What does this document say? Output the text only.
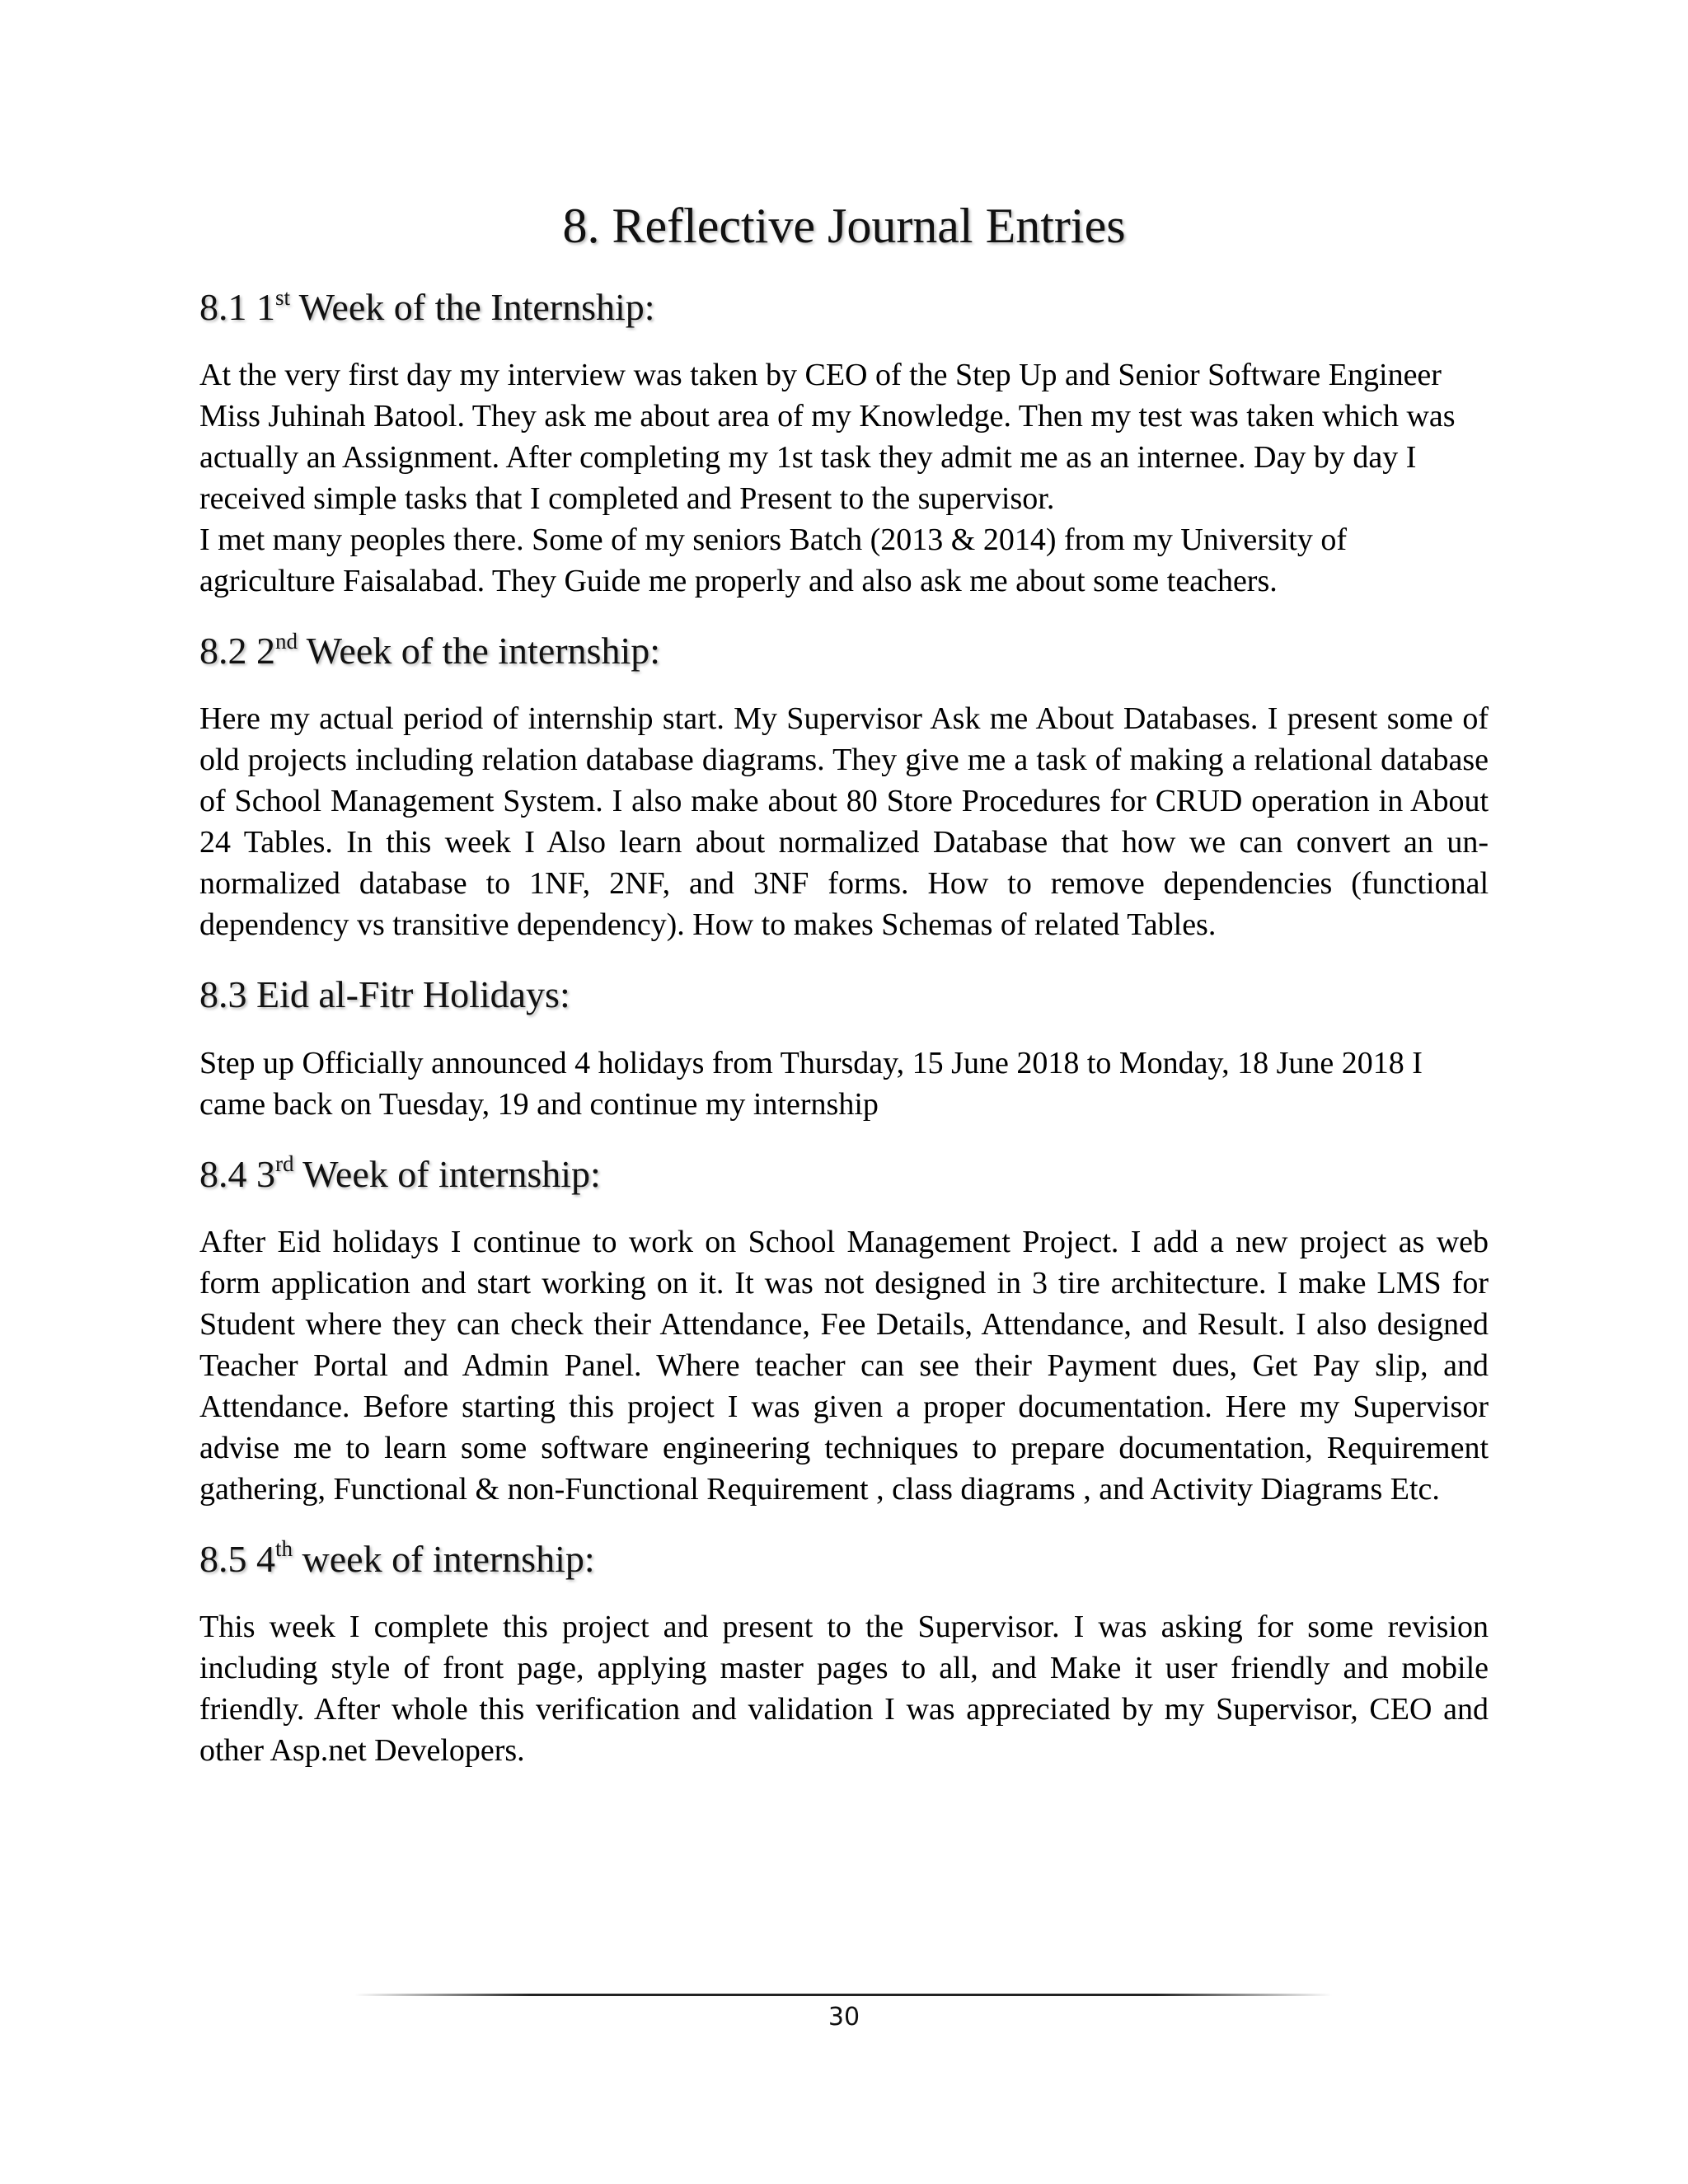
8. Reflective Journal Entries
8.1 1st Week of the Internship:

At the very first day my interview was taken by CEO of the Step Up and Senior Software Engineer Miss Juhinah Batool. They ask me about area of my Knowledge. Then my test was taken which was actually an Assignment. After completing my 1st task they admit me as an internee. Day by day I received simple tasks that I completed and Present to the supervisor.

I met many peoples there. Some of my seniors Batch (2013 & 2014) from my University of agriculture Faisalabad. They Guide me properly and also ask me about some teachers.

8.2 2nd Week of the internship:

Here my actual period of internship start. My Supervisor Ask me About Databases. I present some of old projects including relation database diagrams. They give me a task of making a relational database of School Management System. I also make about 80 Store Procedures for CRUD operation in About 24 Tables. In this week I Also learn about normalized Database that how we can convert an un-normalized database to 1NF, 2NF, and 3NF forms. How to remove dependencies (functional dependency vs transitive dependency). How to makes Schemas of related Tables.

8.3 Eid al-Fitr Holidays:

Step up Officially announced 4 holidays from Thursday, 15 June 2018 to Monday, 18 June 2018 I came back on Tuesday, 19 and continue my internship

8.4 3rd Week of internship:

After Eid holidays I continue to work on School Management Project. I add a new project as web form application and start working on it. It was not designed in 3 tire architecture. I make LMS for Student where they can check their Attendance, Fee Details, Attendance, and Result. I also designed Teacher Portal and Admin Panel. Where teacher can see their Payment dues, Get Pay slip, and Attendance. Before starting this project I was given a proper documentation. Here my Supervisor advise me to learn some software engineering techniques to prepare documentation, Requirement gathering, Functional & non-Functional Requirement , class diagrams , and Activity Diagrams Etc.

8.5 4th week of internship:

This week I complete this project and present to the Supervisor. I was asking for some revision including style of front page, applying master pages to all, and Make it user friendly and mobile friendly. After whole this verification and validation I was appreciated by my Supervisor, CEO and other Asp.net Developers.

30
